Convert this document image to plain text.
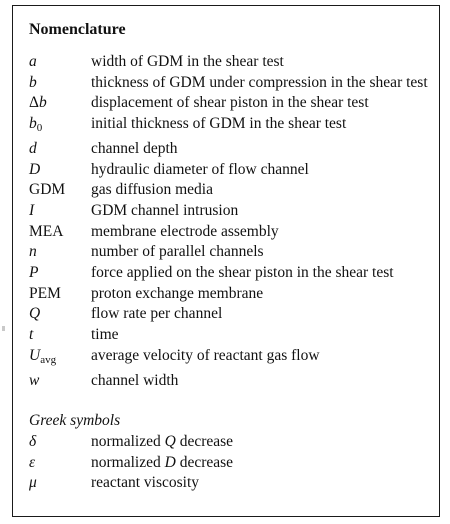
Nomenclature
a	width of GDM in the shear test
b	thickness of GDM under compression in the shear test
Δb	displacement of shear piston in the shear test
$b_0$	initial thickness of GDM in the shear test
d	channel depth
D	hydraulic diameter of flow channel
GDM	gas diffusion media
I	GDM channel intrusion
MEA	membrane electrode assembly
n	number of parallel channels
P	force applied on the shear piston in the shear test
PEM	proton exchange membrane
Q	flow rate per channel
t	time
$U_{avg}$	average velocity of reactant gas flow
w	channel width
Greek symbols
δ	normalized Q decrease
ε	normalized D decrease
μ	reactant viscosity
